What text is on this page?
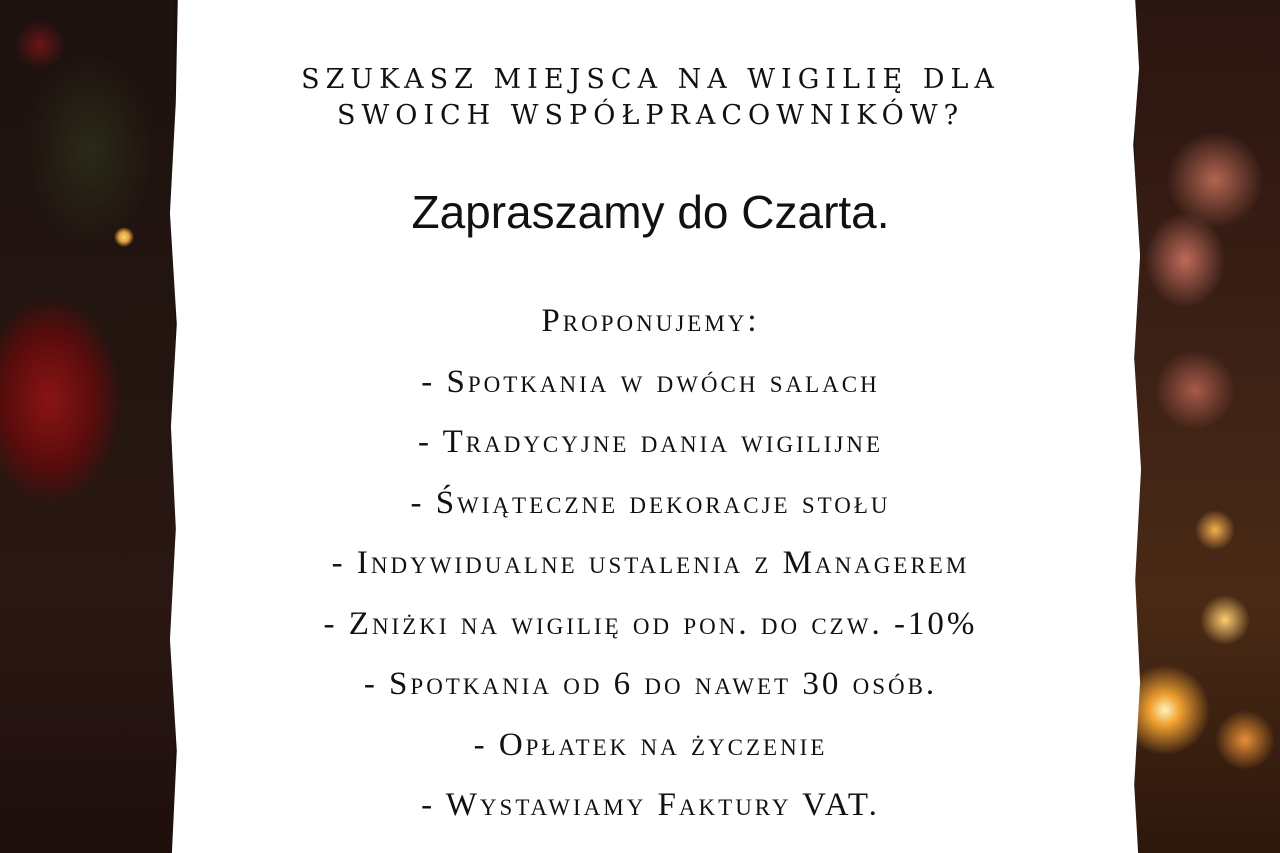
SZUKASZ MIEJSCA NA WIGILIĘ DLA
SWOICH WSPÓŁPRACOWNIKÓW?
Zapraszamy do Czarta.
Proponujemy:
- Spotkania w dwóch salach
- Tradycyjne dania wigilijne
- Świąteczne dekoracje stołu
- Indywidualne ustalenia z Managerem
- Zniżki na wigilię od pon. do czw. -10%
- Spotkania od 6 do nawet 30 osób.
- Opłatek na życzenie
- Wystawiamy Faktury VAT.
